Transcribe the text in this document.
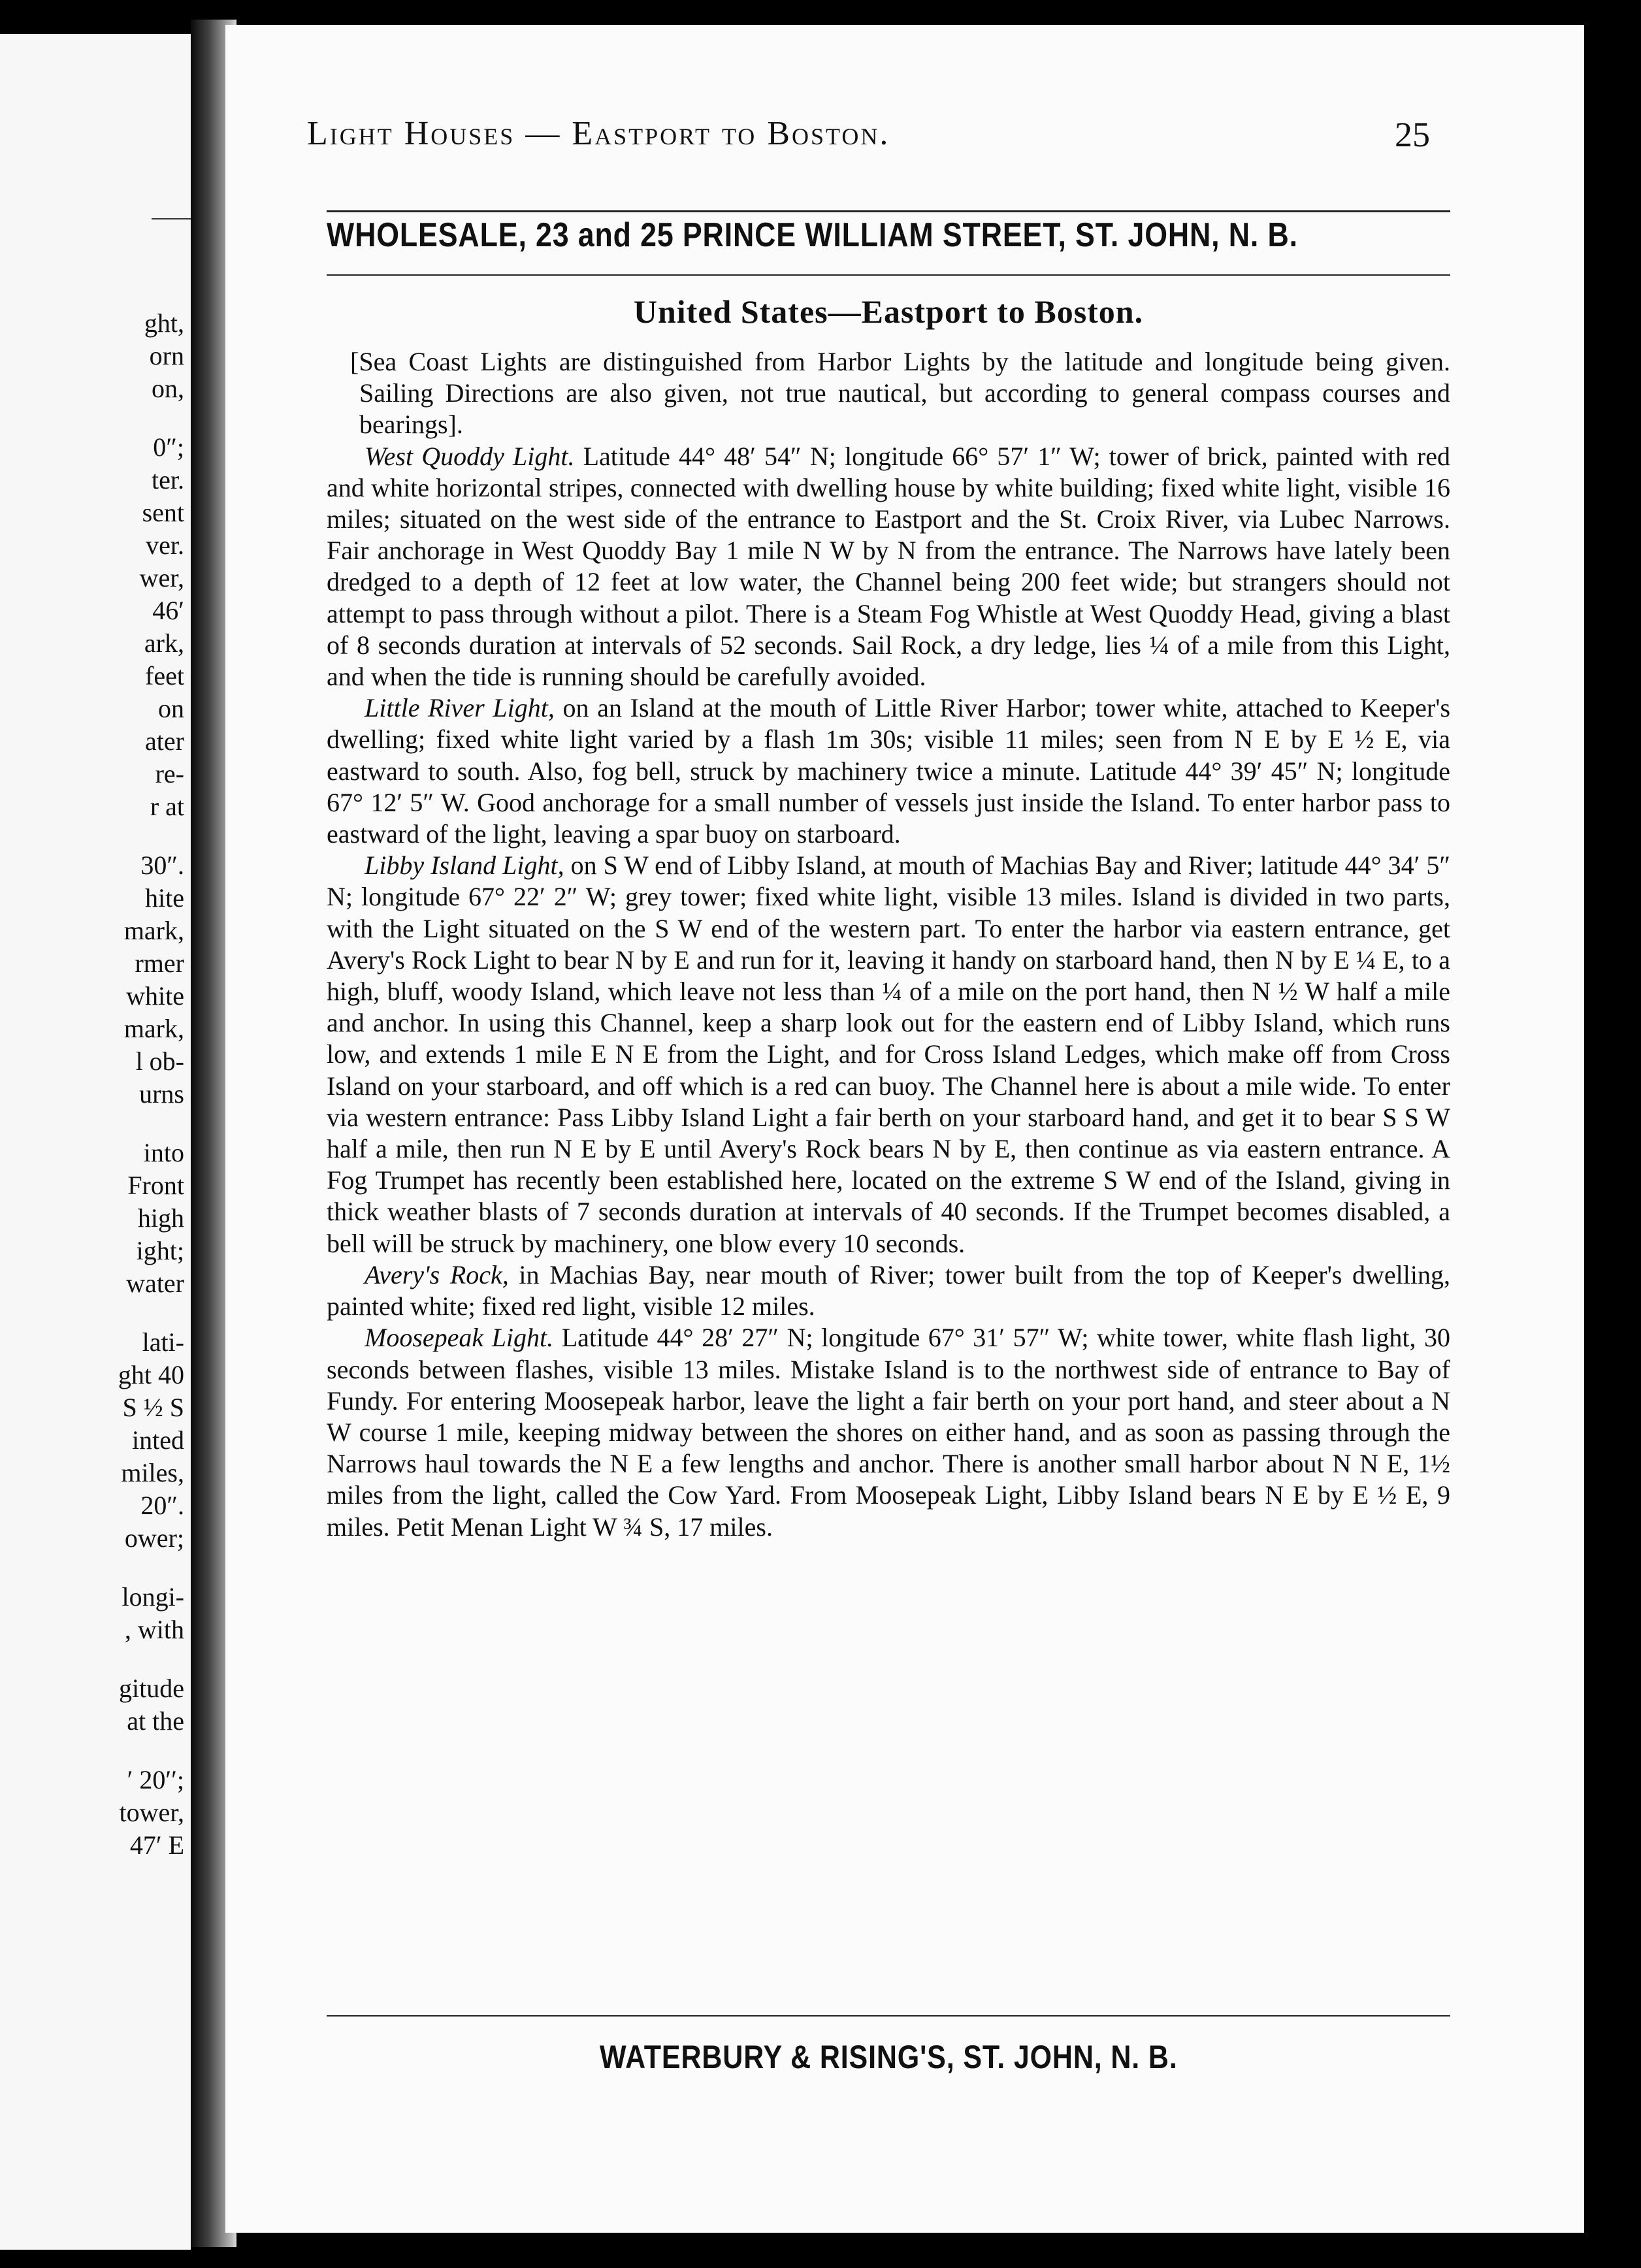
ght,
orn
on,
0″;
ter.
sent
ver.
wer,
46′
ark,
feet
on
ater
re-
r at
30″.
hite
mark,
rmer
white
mark,
l ob-
urns
into
Front
high
ight;
water
lati-
ght 40
S ½ S
inted
miles,
20″.
ower;
longi-
, with
gitude
at the
′ 20′′;
tower,
47′ E
Light Houses — Eastport to Boston.	25
WHOLESALE, 23 and 25 PRINCE WILLIAM STREET, ST. JOHN, N. B.
United States—Eastport to Boston.

[Sea Coast Lights are distinguished from Harbor Lights by the latitude and longitude being given. Sailing Directions are also given, not true nautical, but according to general compass courses and bearings].

West Quoddy Light. Latitude 44° 48′ 54″ N; longitude 66° 57′ 1″ W; tower of brick, painted with red and white horizontal stripes, connected with dwelling house by white building; fixed white light, visible 16 miles; situated on the west side of the entrance to Eastport and the St. Croix River, via Lubec Narrows. Fair anchorage in West Quoddy Bay 1 mile N W by N from the entrance. The Narrows have lately been dredged to a depth of 12 feet at low water, the Channel being 200 feet wide; but strangers should not attempt to pass through without a pilot. There is a Steam Fog Whistle at West Quoddy Head, giving a blast of 8 seconds duration at intervals of 52 seconds. Sail Rock, a dry ledge, lies ¼ of a mile from this Light, and when the tide is running should be carefully avoided.

Little River Light, on an Island at the mouth of Little River Harbor; tower white, attached to Keeper's dwelling; fixed white light varied by a flash 1m 30s; visible 11 miles; seen from N E by E ½ E, via eastward to south. Also, fog bell, struck by machinery twice a minute. Latitude 44° 39′ 45″ N; longitude 67° 12′ 5″ W. Good anchorage for a small number of vessels just inside the Island. To enter harbor pass to eastward of the light, leaving a spar buoy on starboard.

Libby Island Light, on S W end of Libby Island, at mouth of Machias Bay and River; latitude 44° 34′ 5″ N; longitude 67° 22′ 2″ W; grey tower; fixed white light, visible 13 miles. Island is divided in two parts, with the Light situated on the S W end of the western part. To enter the harbor via eastern entrance, get Avery's Rock Light to bear N by E and run for it, leaving it handy on starboard hand, then N by E ¼ E, to a high, bluff, woody Island, which leave not less than ¼ of a mile on the port hand, then N ½ W half a mile and anchor. In using this Channel, keep a sharp look out for the eastern end of Libby Island, which runs low, and extends 1 mile E N E from the Light, and for Cross Island Ledges, which make off from Cross Island on your starboard, and off which is a red can buoy. The Channel here is about a mile wide. To enter via western entrance: Pass Libby Island Light a fair berth on your starboard hand, and get it to bear S S W half a mile, then run N E by E until Avery's Rock bears N by E, then continue as via eastern entrance. A Fog Trumpet has recently been established here, located on the extreme S W end of the Island, giving in thick weather blasts of 7 seconds duration at intervals of 40 seconds. If the Trumpet becomes disabled, a bell will be struck by machinery, one blow every 10 seconds.

Avery's Rock, in Machias Bay, near mouth of River; tower built from the top of Keeper's dwelling, painted white; fixed red light, visible 12 miles.

Moosepeak Light. Latitude 44° 28′ 27″ N; longitude 67° 31′ 57″ W; white tower, white flash light, 30 seconds between flashes, visible 13 miles. Mistake Island is to the northwest side of entrance to Bay of Fundy. For entering Moosepeak harbor, leave the light a fair berth on your port hand, and steer about a N W course 1 mile, keeping midway between the shores on either hand, and as soon as passing through the Narrows haul towards the N E a few lengths and anchor. There is another small harbor about N N E, 1½ miles from the light, called the Cow Yard. From Moosepeak Light, Libby Island bears N E by E ½ E, 9 miles. Petit Menan Light W ¾ S, 17 miles.

WATERBURY & RISING'S, ST. JOHN, N. B.
